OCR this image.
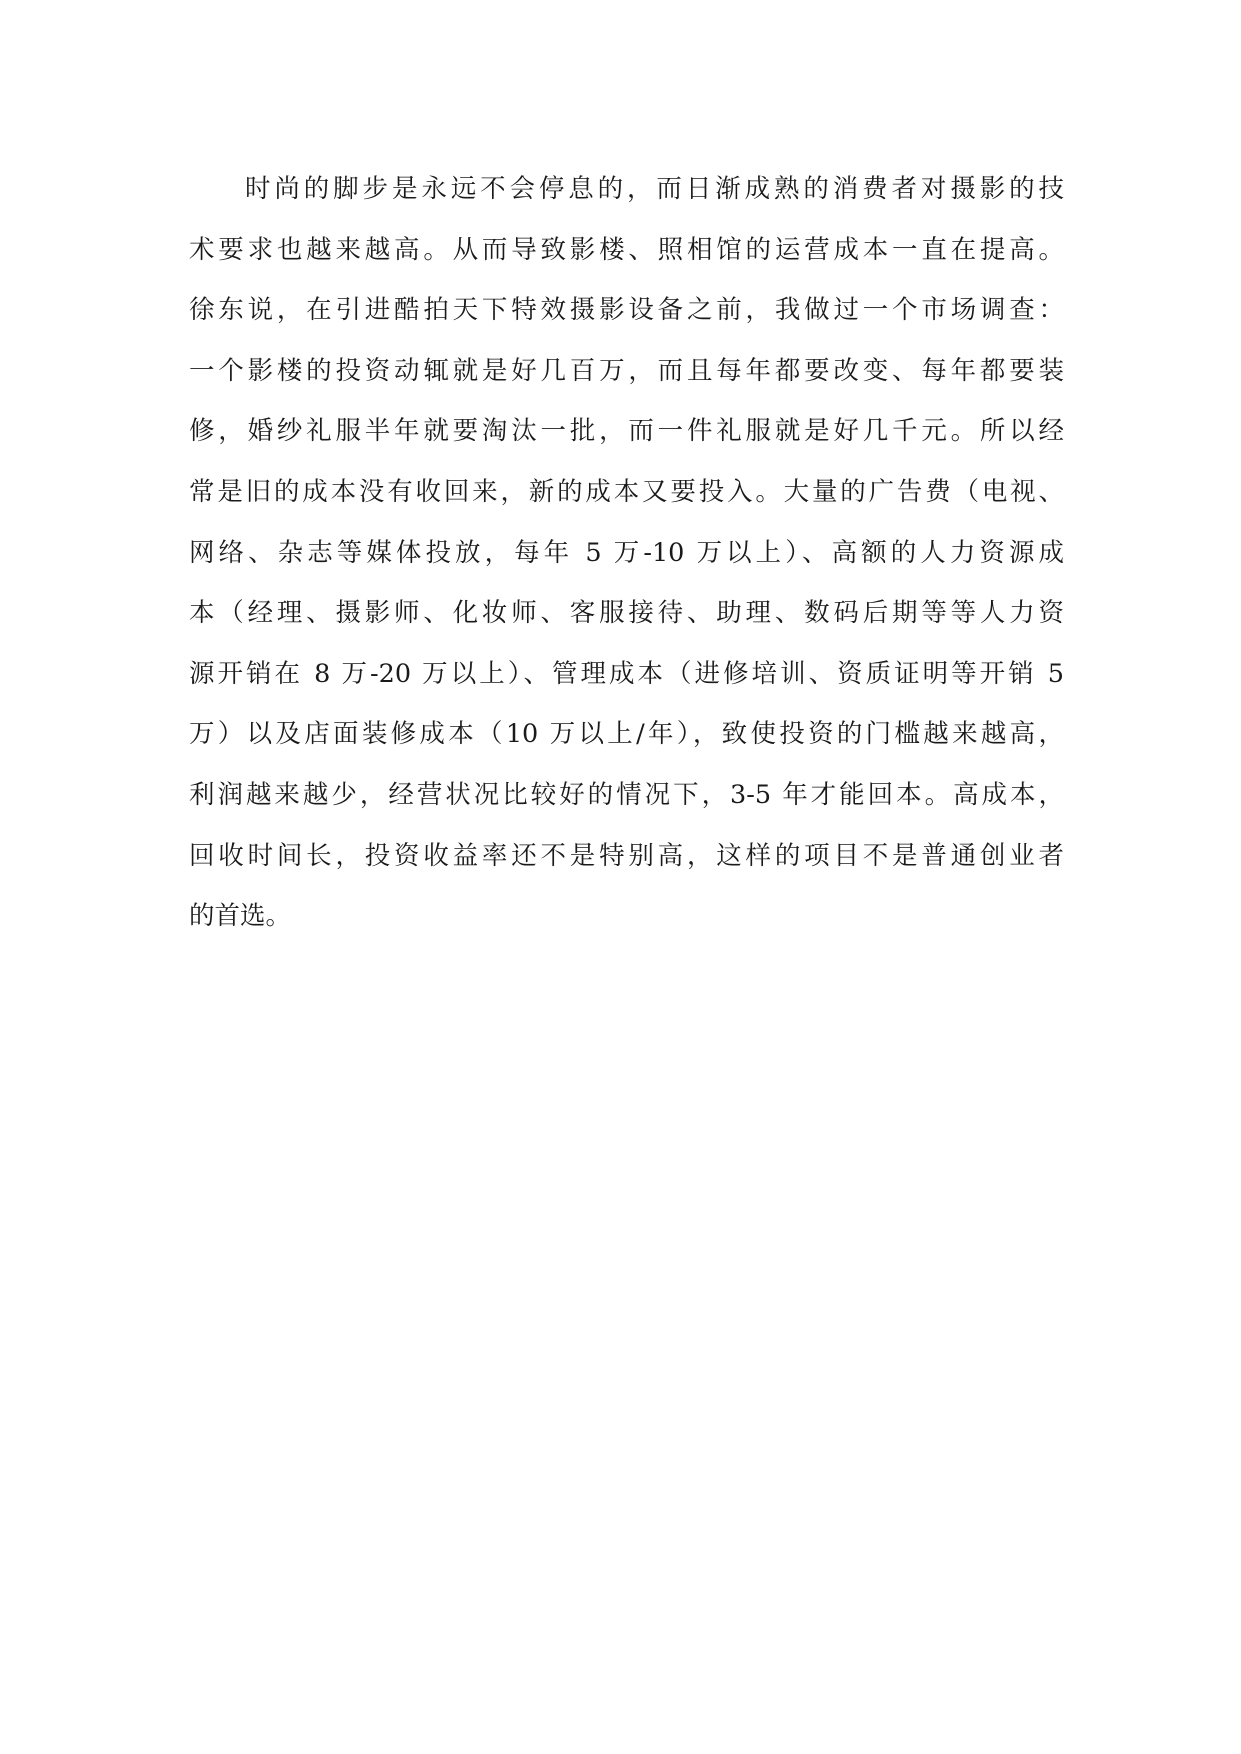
时尚的脚步是永远不会停息的，而日渐成熟的消费者对摄影的技
术要求也越来越高。从而导致影楼、照相馆的运营成本一直在提高。
徐东说，在引进酷拍天下特效摄影设备之前，我做过一个市场调查：
一个影楼的投资动辄就是好几百万，而且每年都要改变、每年都要装
修，婚纱礼服半年就要淘汰一批，而一件礼服就是好几千元。所以经
常是旧的成本没有收回来，新的成本又要投入。大量的广告费（电视、
网络、杂志等媒体投放，每年 5 万-10 万以上）、高额的人力资源成
本（经理、摄影师、化妆师、客服接待、助理、数码后期等等人力资
源开销在 8 万-20 万以上）、管理成本（进修培训、资质证明等开销 5
万）以及店面装修成本（10 万以上/年），致使投资的门槛越来越高，
利润越来越少，经营状况比较好的情况下，3-5 年才能回本。高成本，
回收时间长，投资收益率还不是特别高，这样的项目不是普通创业者
的首选。
